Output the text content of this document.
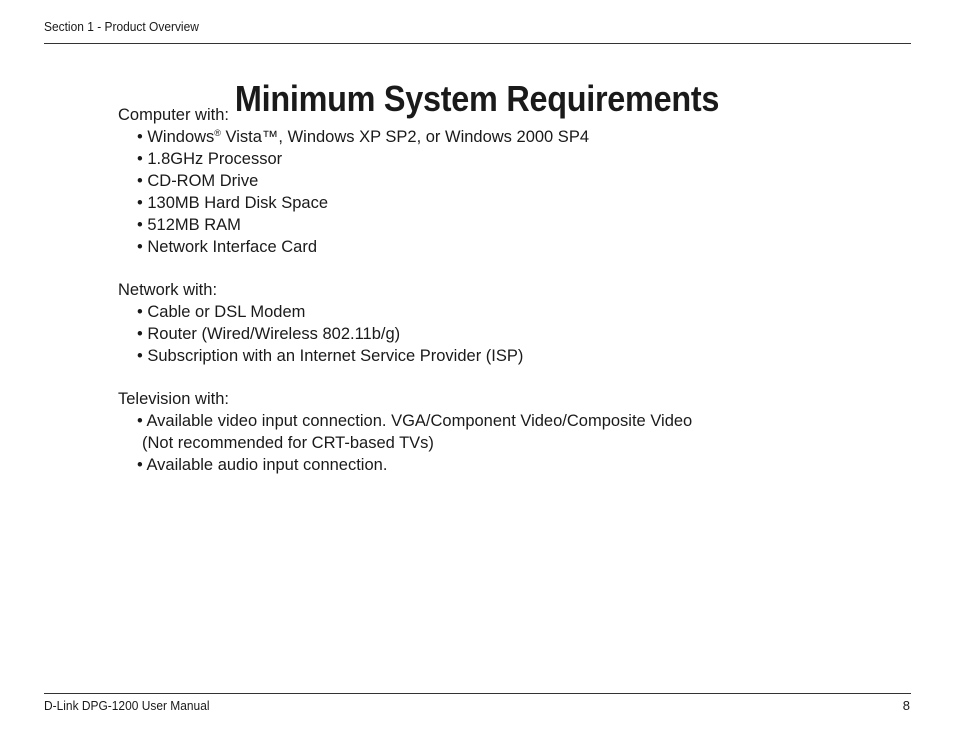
Section 1 - Product Overview
Minimum System Requirements
Computer with:
• Windows® Vista™, Windows XP SP2, or Windows 2000 SP4
• 1.8GHz Processor
• CD-ROM Drive
• 130MB Hard Disk Space
• 512MB RAM
• Network Interface Card
Network with:
• Cable or DSL Modem
• Router (Wired/Wireless 802.11b/g)
• Subscription with an Internet Service Provider (ISP)
Television with:
• Available video input connection. VGA/Component Video/Composite Video
(Not recommended for CRT-based TVs)
• Available audio input connection.
D-Link DPG-1200 User Manual	8
